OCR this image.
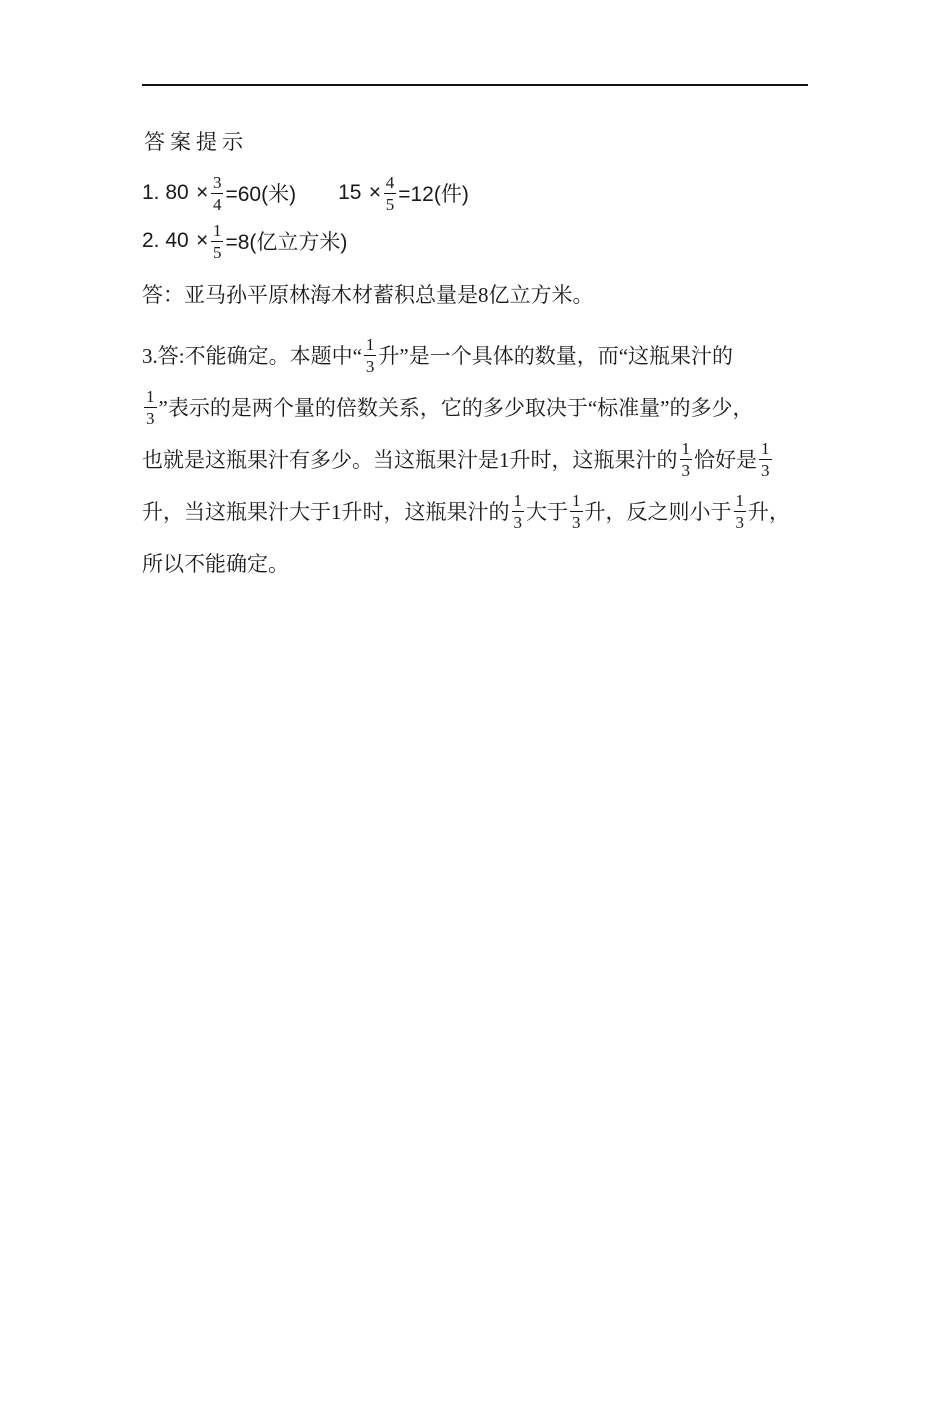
答案提示

1. $80 \times \frac{3}{4} =60$(米) $15 \times \frac{4}{5} =12$(件)
2. $40 \times \frac{1}{5} =8$(亿立方米)

答：亚马孙平原林海木材蓄积总量是8亿立方米。

3.答:不能确定。本题中“ $\frac{1}{3}$ 升”是一个具体的数量，而“这瓶果汁的
$\frac{1}{3}$ ”表示的是两个量的倍数关系，它的多少取决于“标准量”的多少，
也就是这瓶果汁有多少。当这瓶果汁是1升时，这瓶果汁的 $\frac{1}{3}$ 恰好是 $\frac{1}{3}$
升，当这瓶果汁大于1升时，这瓶果汁的 $\frac{1}{3}$ 大于 $\frac{1}{3}$ 升，反之则小于 $\frac{1}{3}$ 升，
所以不能确定。
